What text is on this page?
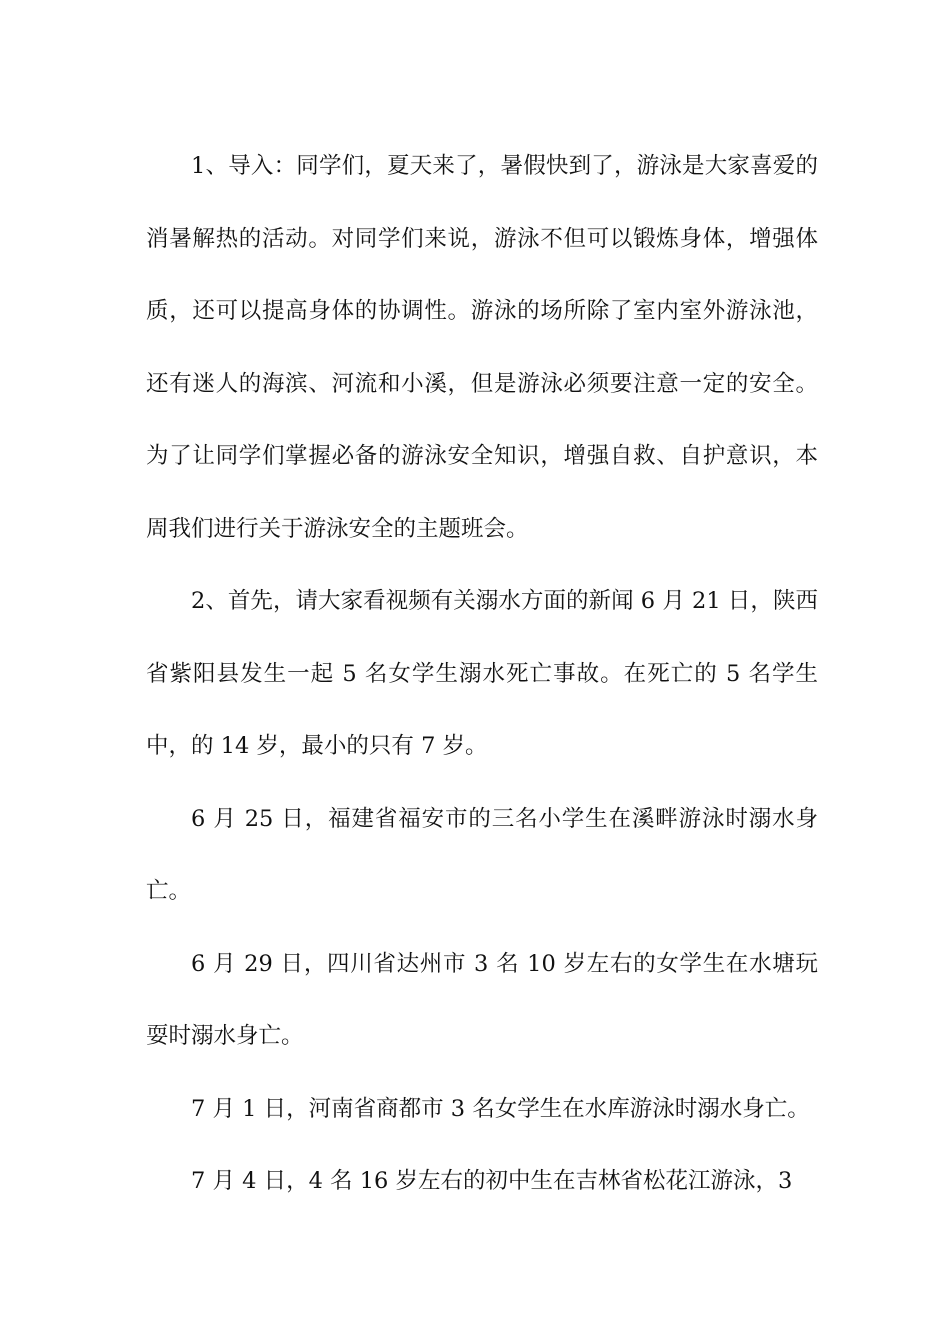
1、导入：同学们，夏天来了，暑假快到了，游泳是大家喜爱的消暑解热的活动。对同学们来说，游泳不但可以锻炼身体，增强体质，还可以提高身体的协调性。游泳的场所除了室内室外游泳池，还有迷人的海滨、河流和小溪，但是游泳必须要注意一定的安全。为了让同学们掌握必备的游泳安全知识，增强自救、自护意识，本周我们进行关于游泳安全的主题班会。

2、首先，请大家看视频有关溺水方面的新闻 6 月 21 日，陕西省紫阳县发生一起 5 名女学生溺水死亡事故。在死亡的 5 名学生中，的 14 岁，最小的只有 7 岁。

6 月 25 日，福建省福安市的三名小学生在溪畔游泳时溺水身亡。

6 月 29 日，四川省达州市 3 名 10 岁左右的女学生在水塘玩耍时溺水身亡。

7 月 1 日，河南省商都市 3 名女学生在水库游泳时溺水身亡。

7 月 4 日，4 名 16 岁左右的初中生在吉林省松花江游泳，3
